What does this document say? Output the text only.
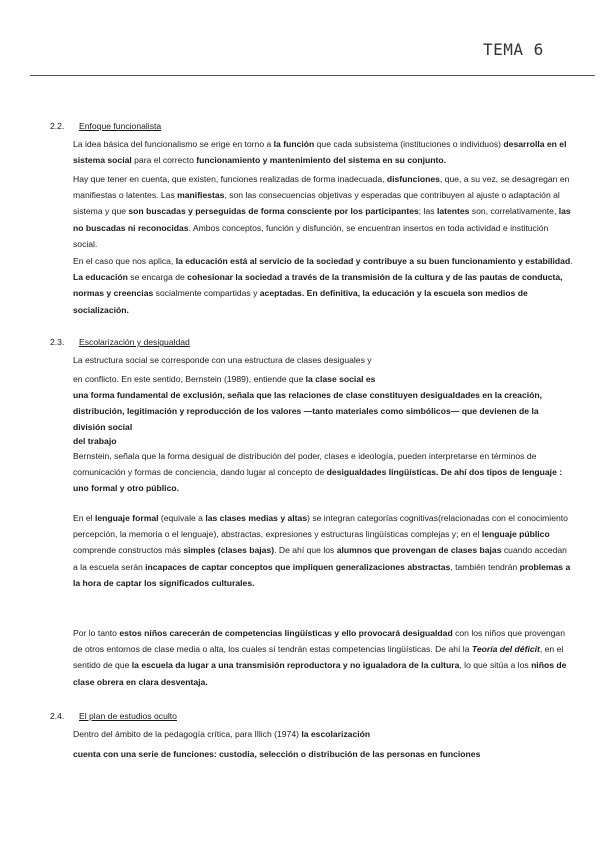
TEMA 6
2.2. Enfoque funcionalista

La idea básica del funcionalismo se erige en torno a la función que cada subsistema (instituciones o individuos) desarrolla en el sistema social para el correcto funcionamiento y mantenimiento del sistema en su conjunto.

Hay que tener en cuenta, que existen, funciones realizadas de forma inadecuada, disfunciones, que, a su vez, se desagregan en manifiestas o latentes. Las manifiestas, son las consecuencias objetivas y esperadas que contribuyen al ajuste o adaptación al sistema y que son buscadas y perseguidas de forma consciente por los participantes; las latentes son, correlativamente, las no buscadas ni reconocidas. Ambos conceptos, función y disfunción, se encuentran insertos en toda actividad e institución social.

En el caso que nos aplica, la educación está al servicio de la sociedad y contribuye a su buen funcionamiento y estabilidad. La educación se encarga de cohesionar la sociedad a través de la transmisión de la cultura y de las pautas de conducta, normas y creencias socialmente compartidas y aceptadas. En definitiva, la educación y la escuela son medios de socialización.

2.3. Escolarización y desigualdad

La estructura social se corresponde con una estructura de clases desiguales y

en conflicto. En este sentido, Bernstein (1989), entiende que la clase social es

una forma fundamental de exclusión, señala que las relaciones de clase constituyen desigualdades en la creación, distribución, legitimación y reproducción de los valores —tanto materiales como simbólicos— que devienen de la división social

del trabajo

Bernstein, señala que la forma desigual de distribución del poder, clases e ideología, pueden interpretarse en términos de comunicación y formas de conciencia, dando lugar al concepto de desigualdades lingüísticas. De ahí dos tipos de lenguaje : uno formal y otro público.

En el lenguaje formal (equivale a las clases medias y altas) se integran categorías cognitivas(relacionadas con el conocimiento percepción, la memoria o el lenguaje), abstractas, expresiones y estructuras lingüísticas complejas y; en el lenguaje público comprende constructos más simples (clases bajas). De ahí que los alumnos que provengan de clases bajas cuando accedan a la escuela serán incapaces de captar conceptos que impliquen generalizaciones abstractas, también tendrán problemas a la hora de captar los significados culturales.

Por lo tanto estos niños carecerán de competencias lingüísticas y ello provocará desigualdad con los niños que provengan de otros entornos de clase media o alta, los cuales sí tendrán estas competencias lingüísticas. De ahí la Teoría del déficit, en el sentido de que la escuela da lugar a una transmisión reproductora y no igualadora de la cultura, lo que sitúa a los niños de clase obrera en clara desventaja.

2.4. El plan de estudios oculto

Dentro del ámbito de la pedagogía crítica, para Illich (1974) la escolarización

cuenta con una serie de funciones: custodia, selección o distribución de las personas en funciones
